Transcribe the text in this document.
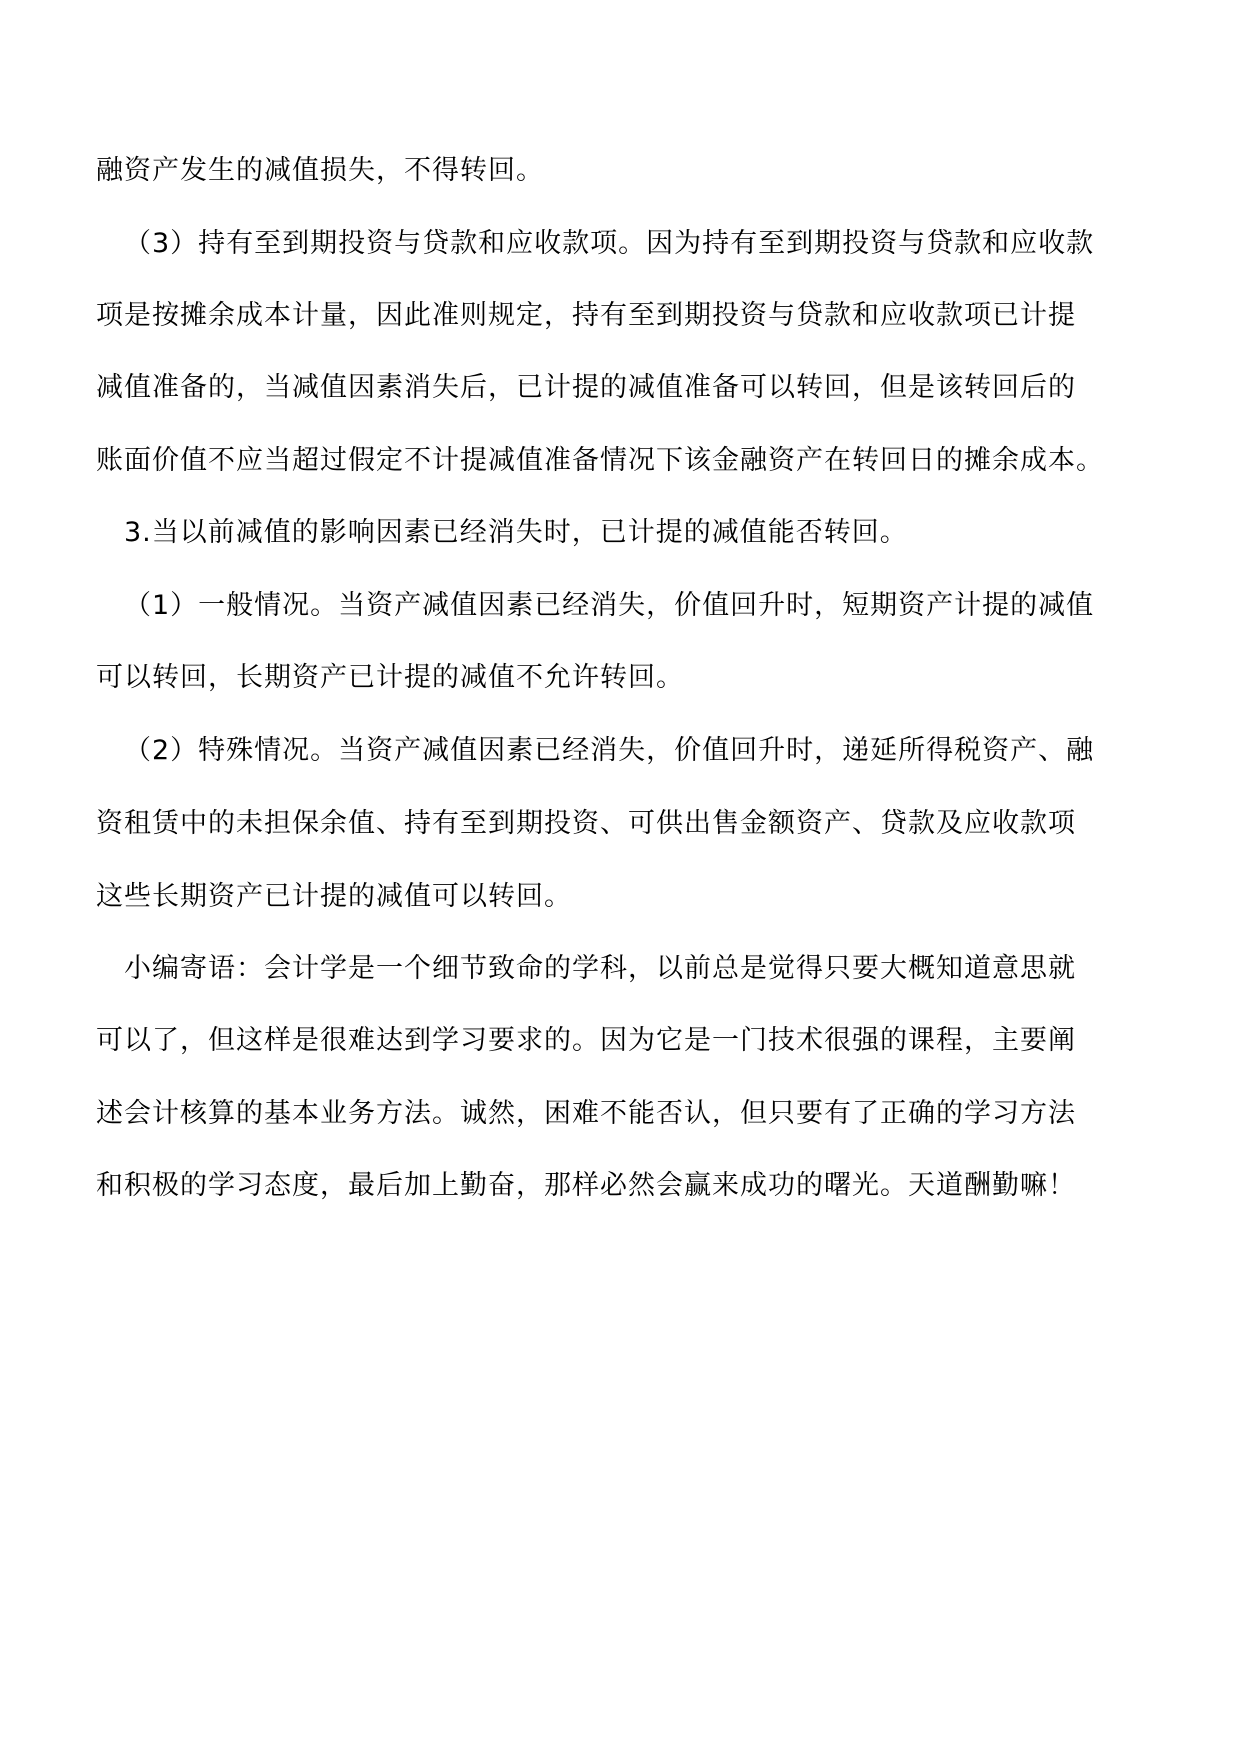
融资产发生的减值损失，不得转回。
（3）持有至到期投资与贷款和应收款项。因为持有至到期投资与贷款和应收款
项是按摊余成本计量，因此准则规定，持有至到期投资与贷款和应收款项已计提
减值准备的，当减值因素消失后，已计提的减值准备可以转回，但是该转回后的
账面价值不应当超过假定不计提减值准备情况下该金融资产在转回日的摊余成本。
3.当以前减值的影响因素已经消失时，已计提的减值能否转回。
（1）一般情况。当资产减值因素已经消失，价值回升时，短期资产计提的减值
可以转回，长期资产已计提的减值不允许转回。
（2）特殊情况。当资产减值因素已经消失，价值回升时，递延所得税资产、融
资租赁中的未担保余值、持有至到期投资、可供出售金额资产、贷款及应收款项
这些长期资产已计提的减值可以转回。
小编寄语：会计学是一个细节致命的学科，以前总是觉得只要大概知道意思就
可以了，但这样是很难达到学习要求的。因为它是一门技术很强的课程，主要阐
述会计核算的基本业务方法。诚然，困难不能否认，但只要有了正确的学习方法
和积极的学习态度，最后加上勤奋，那样必然会赢来成功的曙光。天道酬勤嘛！
